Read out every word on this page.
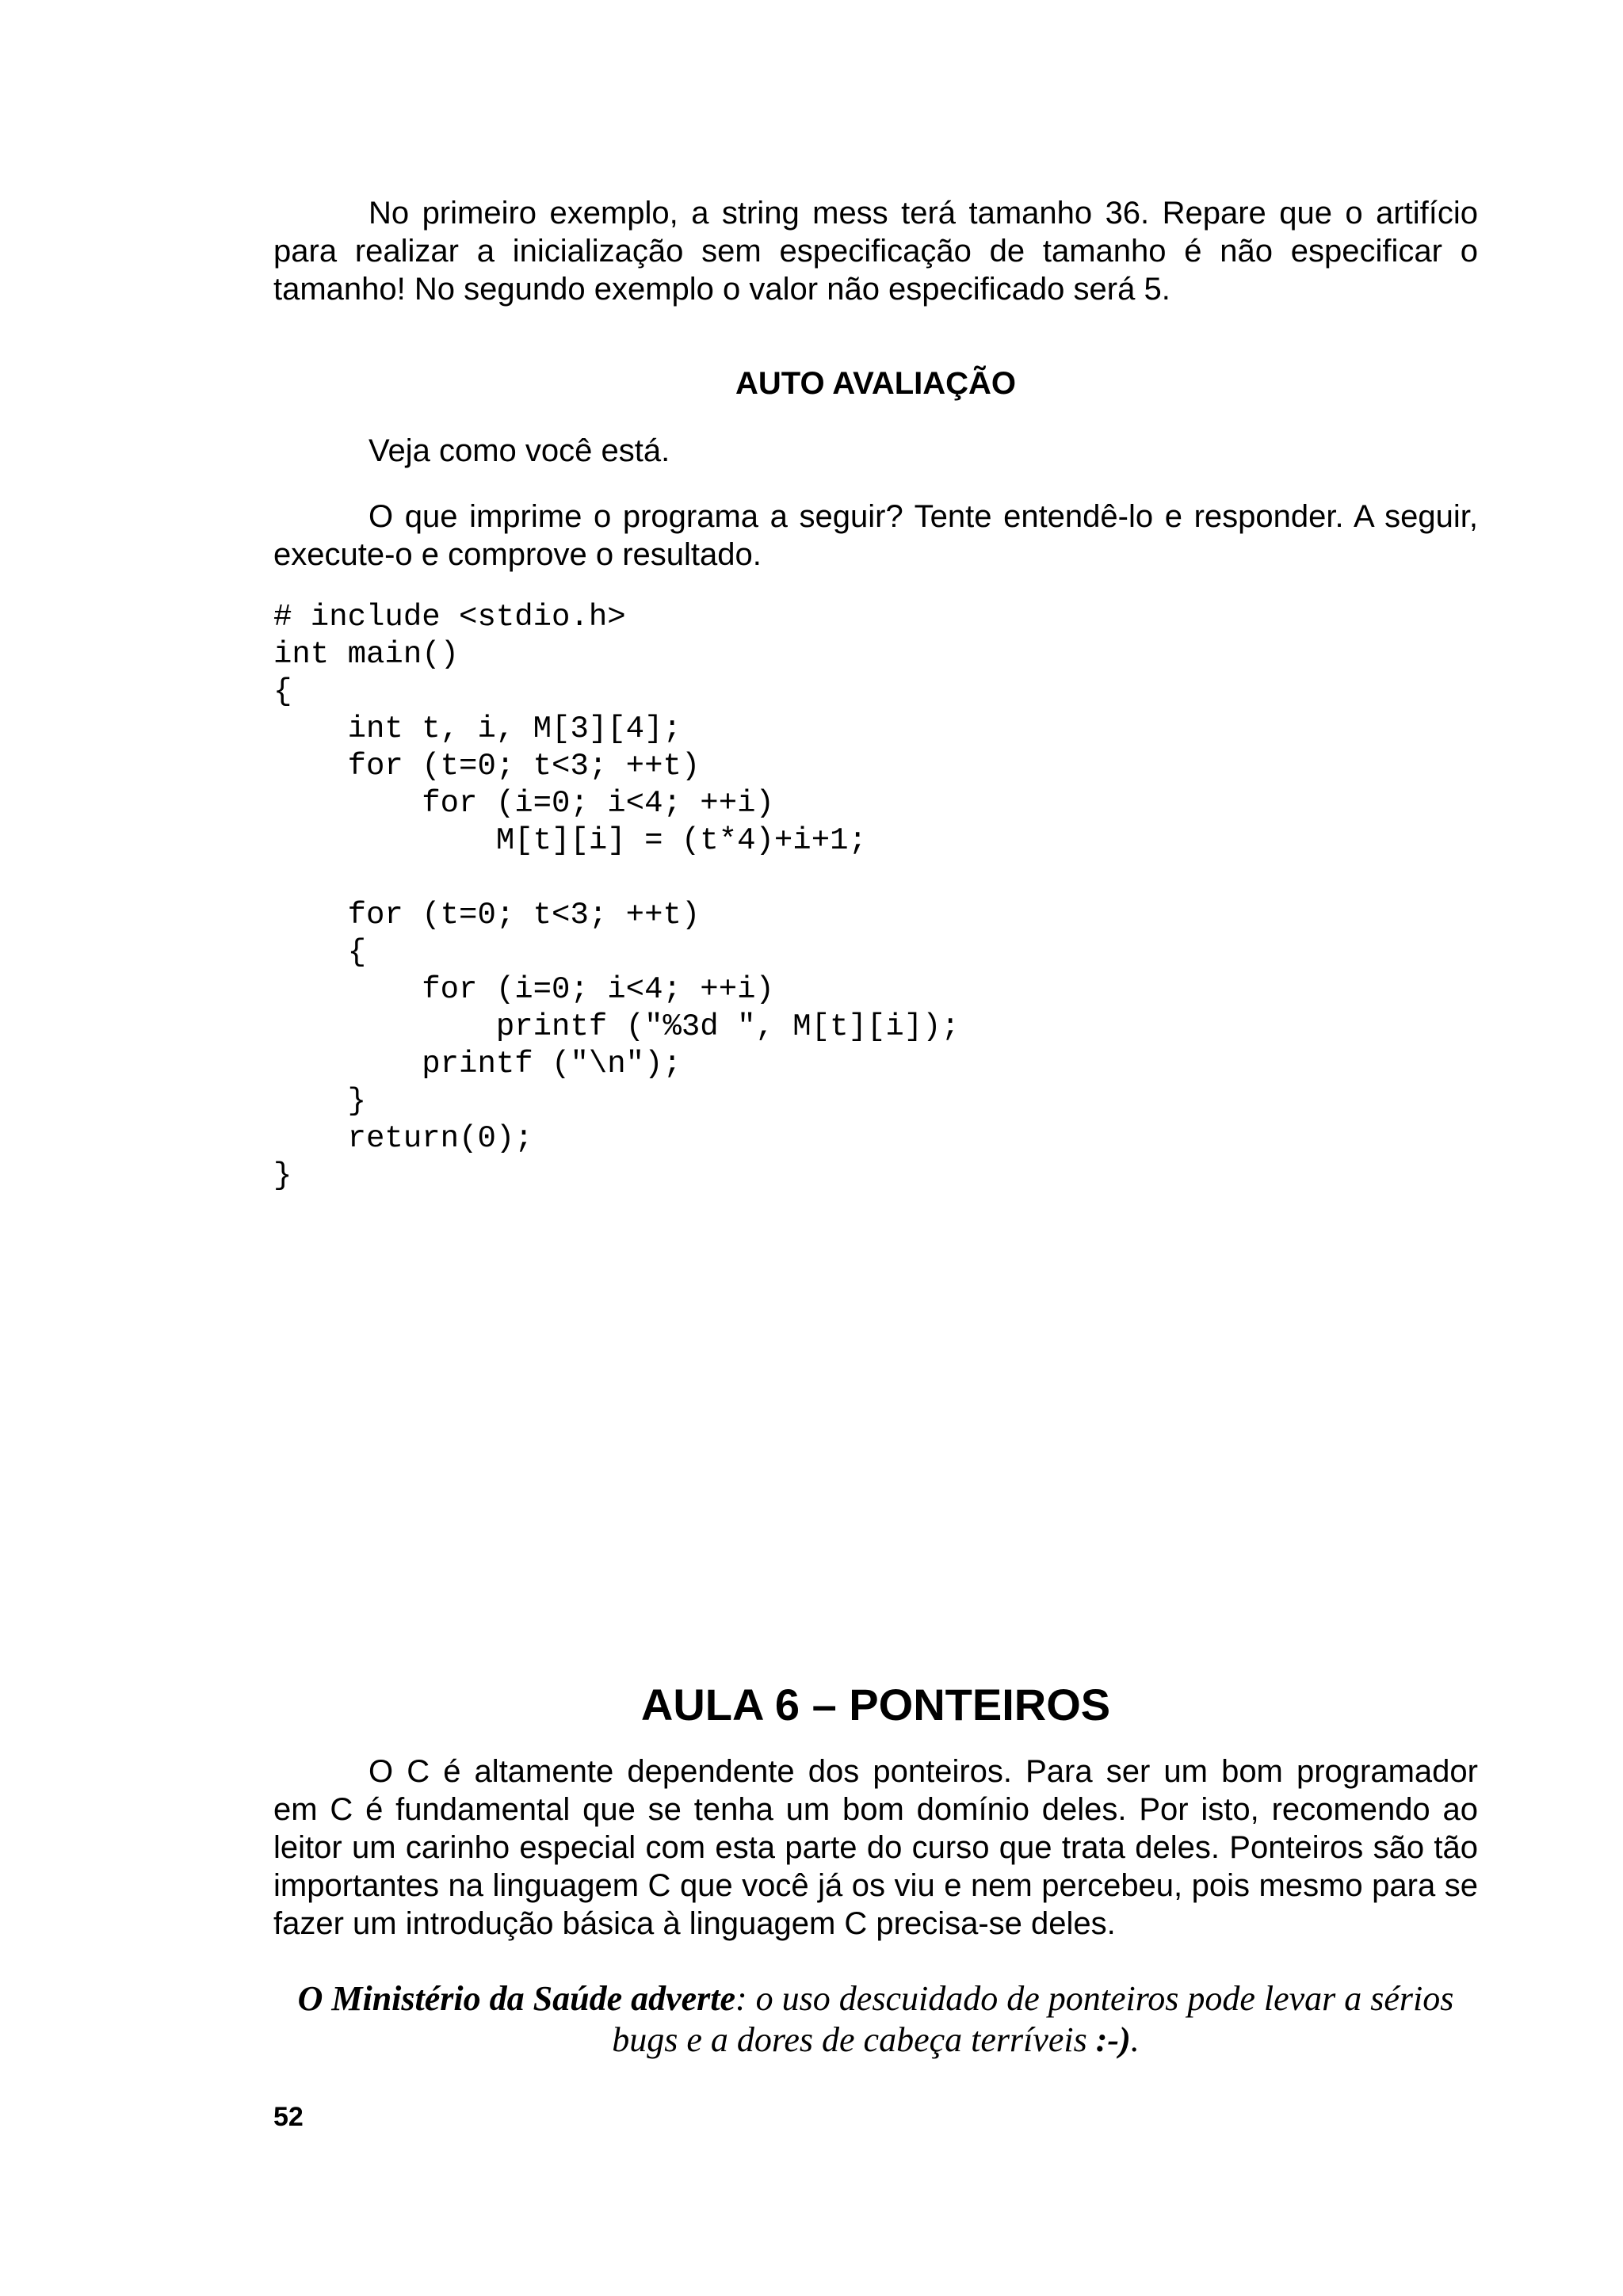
No primeiro exemplo, a string mess terá tamanho 36. Repare que o artifício para realizar a inicialização sem especificação de tamanho é não especificar o tamanho! No segundo exemplo o valor não especificado será 5.

AUTO AVALIAÇÃO

Veja como você está.

O que imprime o programa a seguir? Tente entendê-lo e responder. A seguir, execute-o e comprove o resultado.

# include <stdio.h>
int main()
{
int t, i, M[3][4];
for (t=0; t<3; ++t)
for (i=0; i<4; ++i)
M[t][i] = (t*4)+i+1;
for (t=0; t<3; ++t)
{
for (i=0; i<4; ++i)
printf ("%3d ", M[t][i]);
printf ("\n");
}
return(0);
}
AULA 6 – PONTEIROS

O C é altamente dependente dos ponteiros. Para ser um bom programador em C é fundamental que se tenha um bom domínio deles. Por isto, recomendo ao leitor um carinho especial com esta parte do curso que trata deles. Ponteiros são tão importantes na linguagem C que você já os viu e nem percebeu, pois mesmo para se fazer um introdução básica à linguagem C precisa-se deles.

O Ministério da Saúde adverte: o uso descuidado de ponteiros pode levar a sérios bugs e a dores de cabeça terríveis :-).

52
